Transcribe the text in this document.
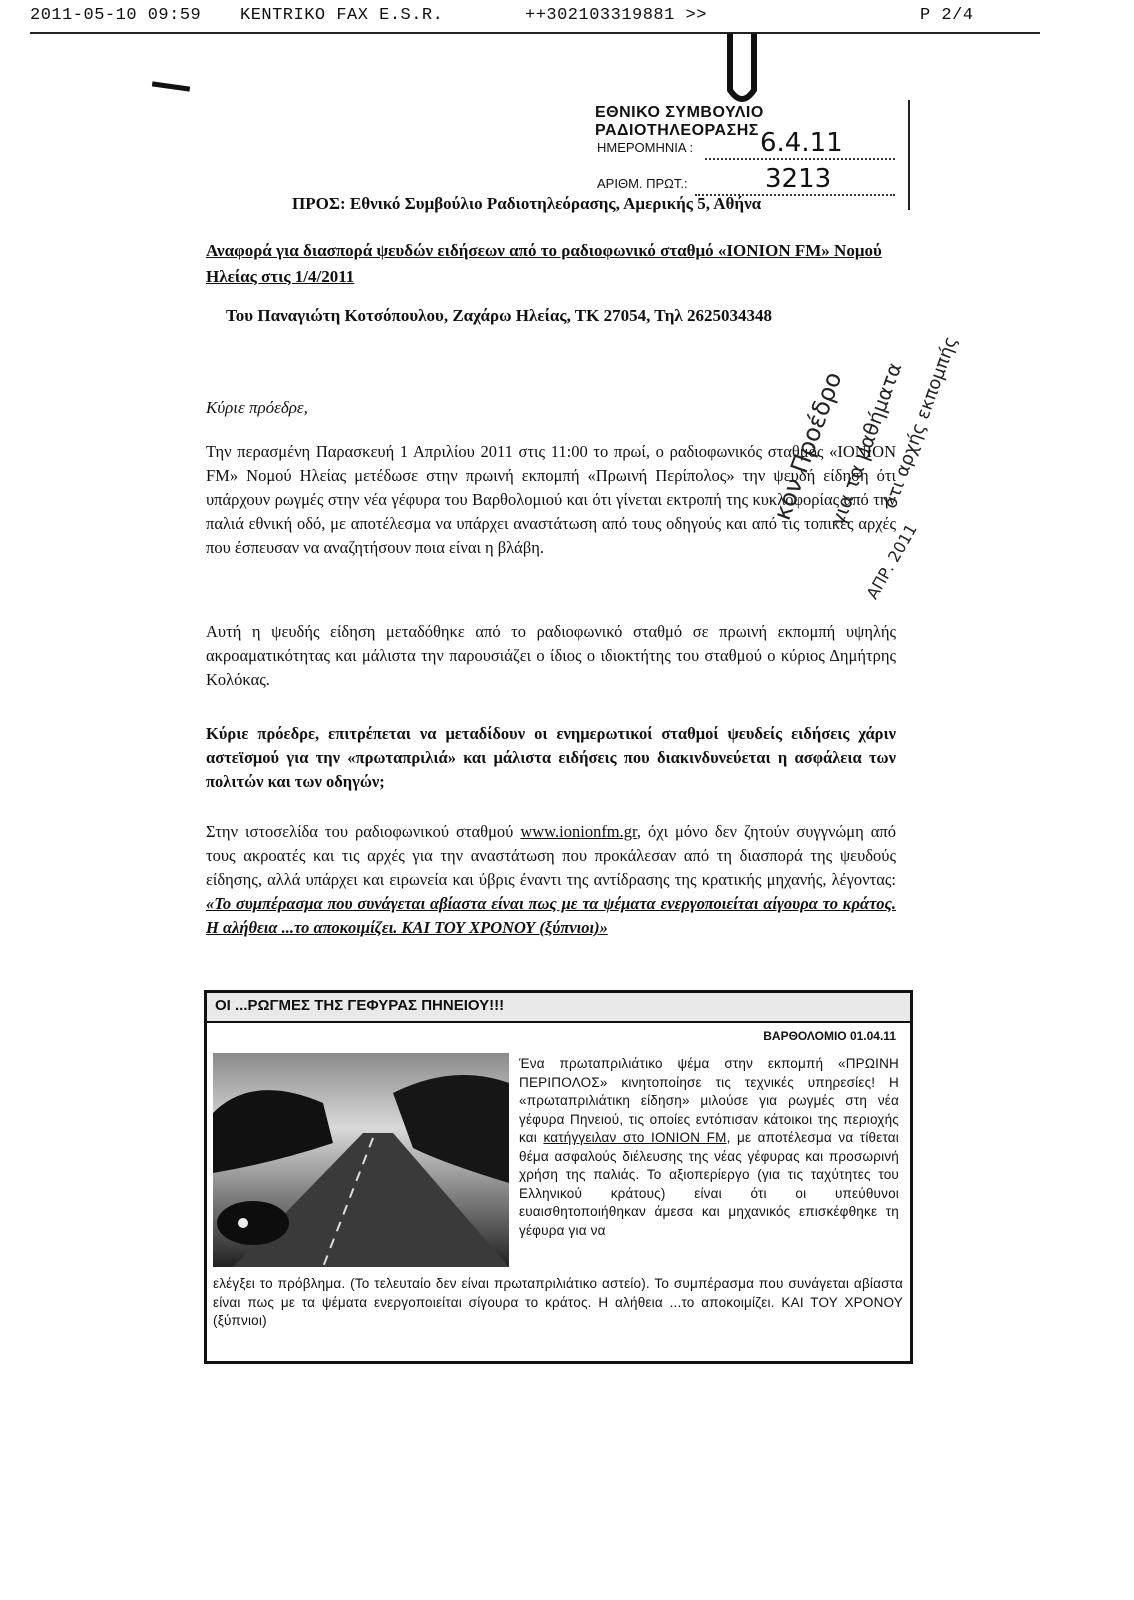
2011-05-10 09:59 KENTRIKO FAX E.S.R.	++302103319881 >>	P 2/4
ΕΘΝΙΚΟ ΣΥΜΒΟΥΛΙΟ ΡΑΔΙΟΤΗΛΕΟΡΑΣΗΣ
ΗΜΕΡΟΜΗΝΙΑ :	6.4.11
ΑΡΙΘΜ. ΠΡΩΤ.:	3213
ΠΡΟΣ: Εθνικό Συμβούλιο Ραδιοτηλεόρασης, Αμερικής 5, Αθήνα
Αναφορά για διασπορά ψευδών ειδήσεων από το ραδιοφωνικό σταθμό «ΙΟΝΙΟΝ FM» Νομού Ηλείας στις 1/4/2011
Του Παναγιώτη Κοτσόπουλου, Ζαχάρω Ηλείας, ΤΚ 27054, Τηλ 2625034348
Κύριε πρόεδρε,
Την περασμένη Παρασκευή 1 Απριλίου 2011 στις 11:00 το πρωί, ο ραδιοφωνικός σταθμός «ΙΟΝΙΟΝ FM» Νομού Ηλείας μετέδωσε στην πρωινή εκπομπή «Πρωινή Περίπολος» την ψευδή είδηση ότι υπάρχουν ρωγμές στην νέα γέφυρα του Βαρθολομιού και ότι γίνεται εκτροπή της κυκλοφορίας από την παλιά εθνική οδό, με αποτέλεσμα να υπάρχει αναστάτωση από τους οδηγούς και από τις τοπικές αρχές που έσπευσαν να αναζητήσουν ποια είναι η βλάβη.
Αυτή η ψευδής είδηση μεταδόθηκε από το ραδιοφωνικό σταθμό σε πρωινή εκπομπή υψηλής ακροαματικότητας και μάλιστα την παρουσιάζει ο ίδιος ο ιδιοκτήτης του σταθμού ο κύριος Δημήτρης Κολόκας.
Κύριε πρόεδρε, επιτρέπεται να μεταδίδουν οι ενημερωτικοί σταθμοί ψευδείς ειδήσεις χάριν αστεϊσμού για την «πρωταπριλιά» και μάλιστα ειδήσεις που διακινδυνεύεται η ασφάλεια των πολιτών και των οδηγών;
Στην ιστοσελίδα του ραδιοφωνικού σταθμού www.ionionfm.gr, όχι μόνο δεν ζητούν συγγνώμη από τους ακροατές και τις αρχές για την αναστάτωση που προκάλεσαν από τη διασπορά της ψευδούς είδησης, αλλά υπάρχει και ειρωνεία και ύβρις έναντι της αντίδρασης της κρατικής μηχανής, λέγοντας: «Το συμπέρασμα που συνάγεται αβίαστα είναι πως με τα ψέματα ενεργοποιείται αίγουρα το κράτος. Η αλήθεια ...το αποκοιμίζει. ΚΑΙ ΤΟΥ ΧΡΟΝΟΥ (ξύπνιοι)»
κον Προέδρο
για τα μαθήματα
ότι αρχής εκπομπής
ΑΠΡ. 2011
ΟΙ ...ΡΩΓΜΕΣ ΤΗΣ ΓΕΦΥΡΑΣ ΠΗΝΕΙΟΥ!!!
ΒΑΡΘΟΛΟΜΙΟ 01.04.11
Ένα πρωταπριλιάτικο ψέμα στην εκπομπή «ΠΡΩΙΝΗ ΠΕΡΙΠΟΛΟΣ» κινητοποίησε τις τεχνικές υπηρεσίες! Η «πρωταπριλιάτικη είδηση» μιλούσε για ρωγμές στη νέα γέφυρα Πηνειού, τις οποίες εντόπισαν κάτοικοι της περιοχής και κατήγγειλαν στο ΙΟΝΙΟΝ FM, με αποτέλεσμα να τίθεται θέμα ασφαλούς διέλευσης της νέας γέφυρας και προσωρινή χρήση της παλιάς. Το αξιοπερίεργο (για τις ταχύτητες του Ελληνικού κράτους) είναι ότι οι υπεύθυνοι ευαισθητοποιήθηκαν άμεσα και μηχανικός επισκέφθηκε τη γέφυρα για να
ελέγξει το πρόβλημα. (Το τελευταίο δεν είναι πρωταπριλιάτικο αστείο). Το συμπέρασμα που συνάγεται αβίαστα είναι πως με τα ψέματα ενεργοποιείται σίγουρα το κράτος. Η αλήθεια ...το αποκοιμίζει. ΚΑΙ ΤΟΥ ΧΡΟΝΟΥ (ξύπνιοι)
